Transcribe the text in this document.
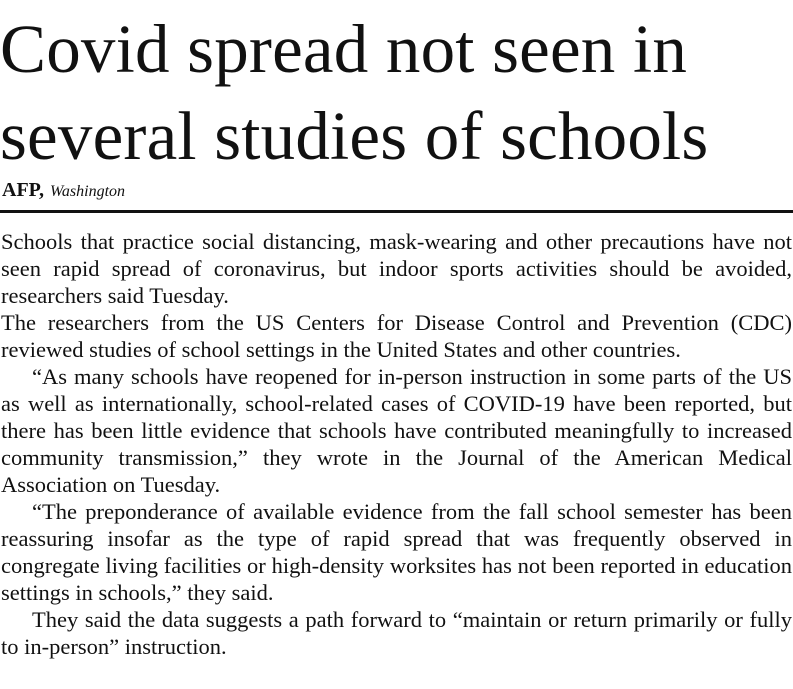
Covid spread not seen in
several studies of schools
AFP, Washington

Schools that practice social distancing, mask-wearing and other precautions have not seen rapid spread of coronavirus, but indoor sports activities should be avoided, researchers said Tuesday.

The researchers from the US Centers for Disease Control and Prevention (CDC) reviewed studies of school settings in the United States and other countries.

“As many schools have reopened for in-person instruction in some parts of the US as well as internationally, school-related cases of COVID-19 have been reported, but there has been little evidence that schools have contributed meaningfully to increased community transmission,” they wrote in the Journal of the American Medical Association on Tuesday.

“The preponderance of available evidence from the fall school semester has been reassuring insofar as the type of rapid spread that was frequently observed in congregate living facilities or high-density worksites has not been reported in education settings in schools,” they said.

They said the data suggests a path forward to “maintain or return primarily or fully to in-person” instruction.
